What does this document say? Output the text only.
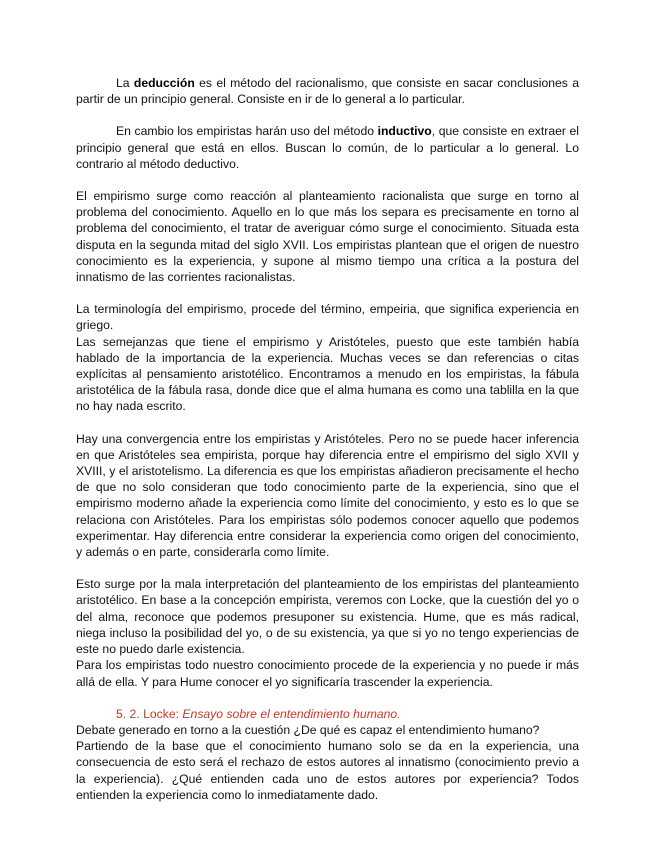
La deducción es el método del racionalismo, que consiste en sacar conclusiones a partir de un principio general. Consiste en ir de lo general a lo particular.

En cambio los empiristas harán uso del método inductivo, que consiste en extraer el principio general que está en ellos. Buscan lo común, de lo particular a lo general. Lo contrario al método deductivo.

El empirismo surge como reacción al planteamiento racionalista que surge en torno al problema del conocimiento. Aquello en lo que más los separa es precisamente en torno al problema del conocimiento, el tratar de averiguar cómo surge el conocimiento. Situada esta disputa en la segunda mitad del siglo XVII. Los empiristas plantean que el origen de nuestro conocimiento es la experiencia, y supone al mismo tiempo una crítica a la postura del innatismo de las corrientes racionalistas.

La terminología del empirismo, procede del término, empeiria, que significa experiencia en griego.

Las semejanzas que tiene el empirismo y Aristóteles, puesto que este también había hablado de la importancia de la experiencia. Muchas veces se dan referencias o citas explícitas al pensamiento aristotélico. Encontramos a menudo en los empiristas, la fábula aristotélica de la fábula rasa, donde dice que el alma humana es como una tablilla en la que no hay nada escrito.

Hay una convergencia entre los empiristas y Aristóteles. Pero no se puede hacer inferencia en que Aristóteles sea empirista, porque hay diferencia entre el empirismo del siglo XVII y XVIII, y el aristotelismo. La diferencia es que los empiristas añadieron precisamente el hecho de que no solo consideran que todo conocimiento parte de la experiencia, sino que el empirismo moderno añade la experiencia como límite del conocimiento, y esto es lo que se relaciona con Aristóteles. Para los empiristas sólo podemos conocer aquello que podemos experimentar. Hay diferencia entre considerar la experiencia como origen del conocimiento, y además o en parte, considerarla como límite.

Esto surge por la mala interpretación del planteamiento de los empiristas del planteamiento aristotélico. En base a la concepción empirista, veremos con Locke, que la cuestión del yo o del alma, reconoce que podemos presuponer su existencia. Hume, que es más radical, niega incluso la posibilidad del yo, o de su existencia, ya que si yo no tengo experiencias de este no puedo darle existencia.

Para los empiristas todo nuestro conocimiento procede de la experiencia y no puede ir más allá de ella. Y para Hume conocer el yo significaría trascender la experiencia.

5. 2. Locke: Ensayo sobre el entendimiento humano.

Debate generado en torno a la cuestión ¿De qué es capaz el entendimiento humano?

Partiendo de la base que el conocimiento humano solo se da en la experiencia, una consecuencia de esto será el rechazo de estos autores al innatismo (conocimiento previo a la experiencia). ¿Qué entienden cada uno de estos autores por experiencia? Todos entienden la experiencia como lo inmediatamente dado.
